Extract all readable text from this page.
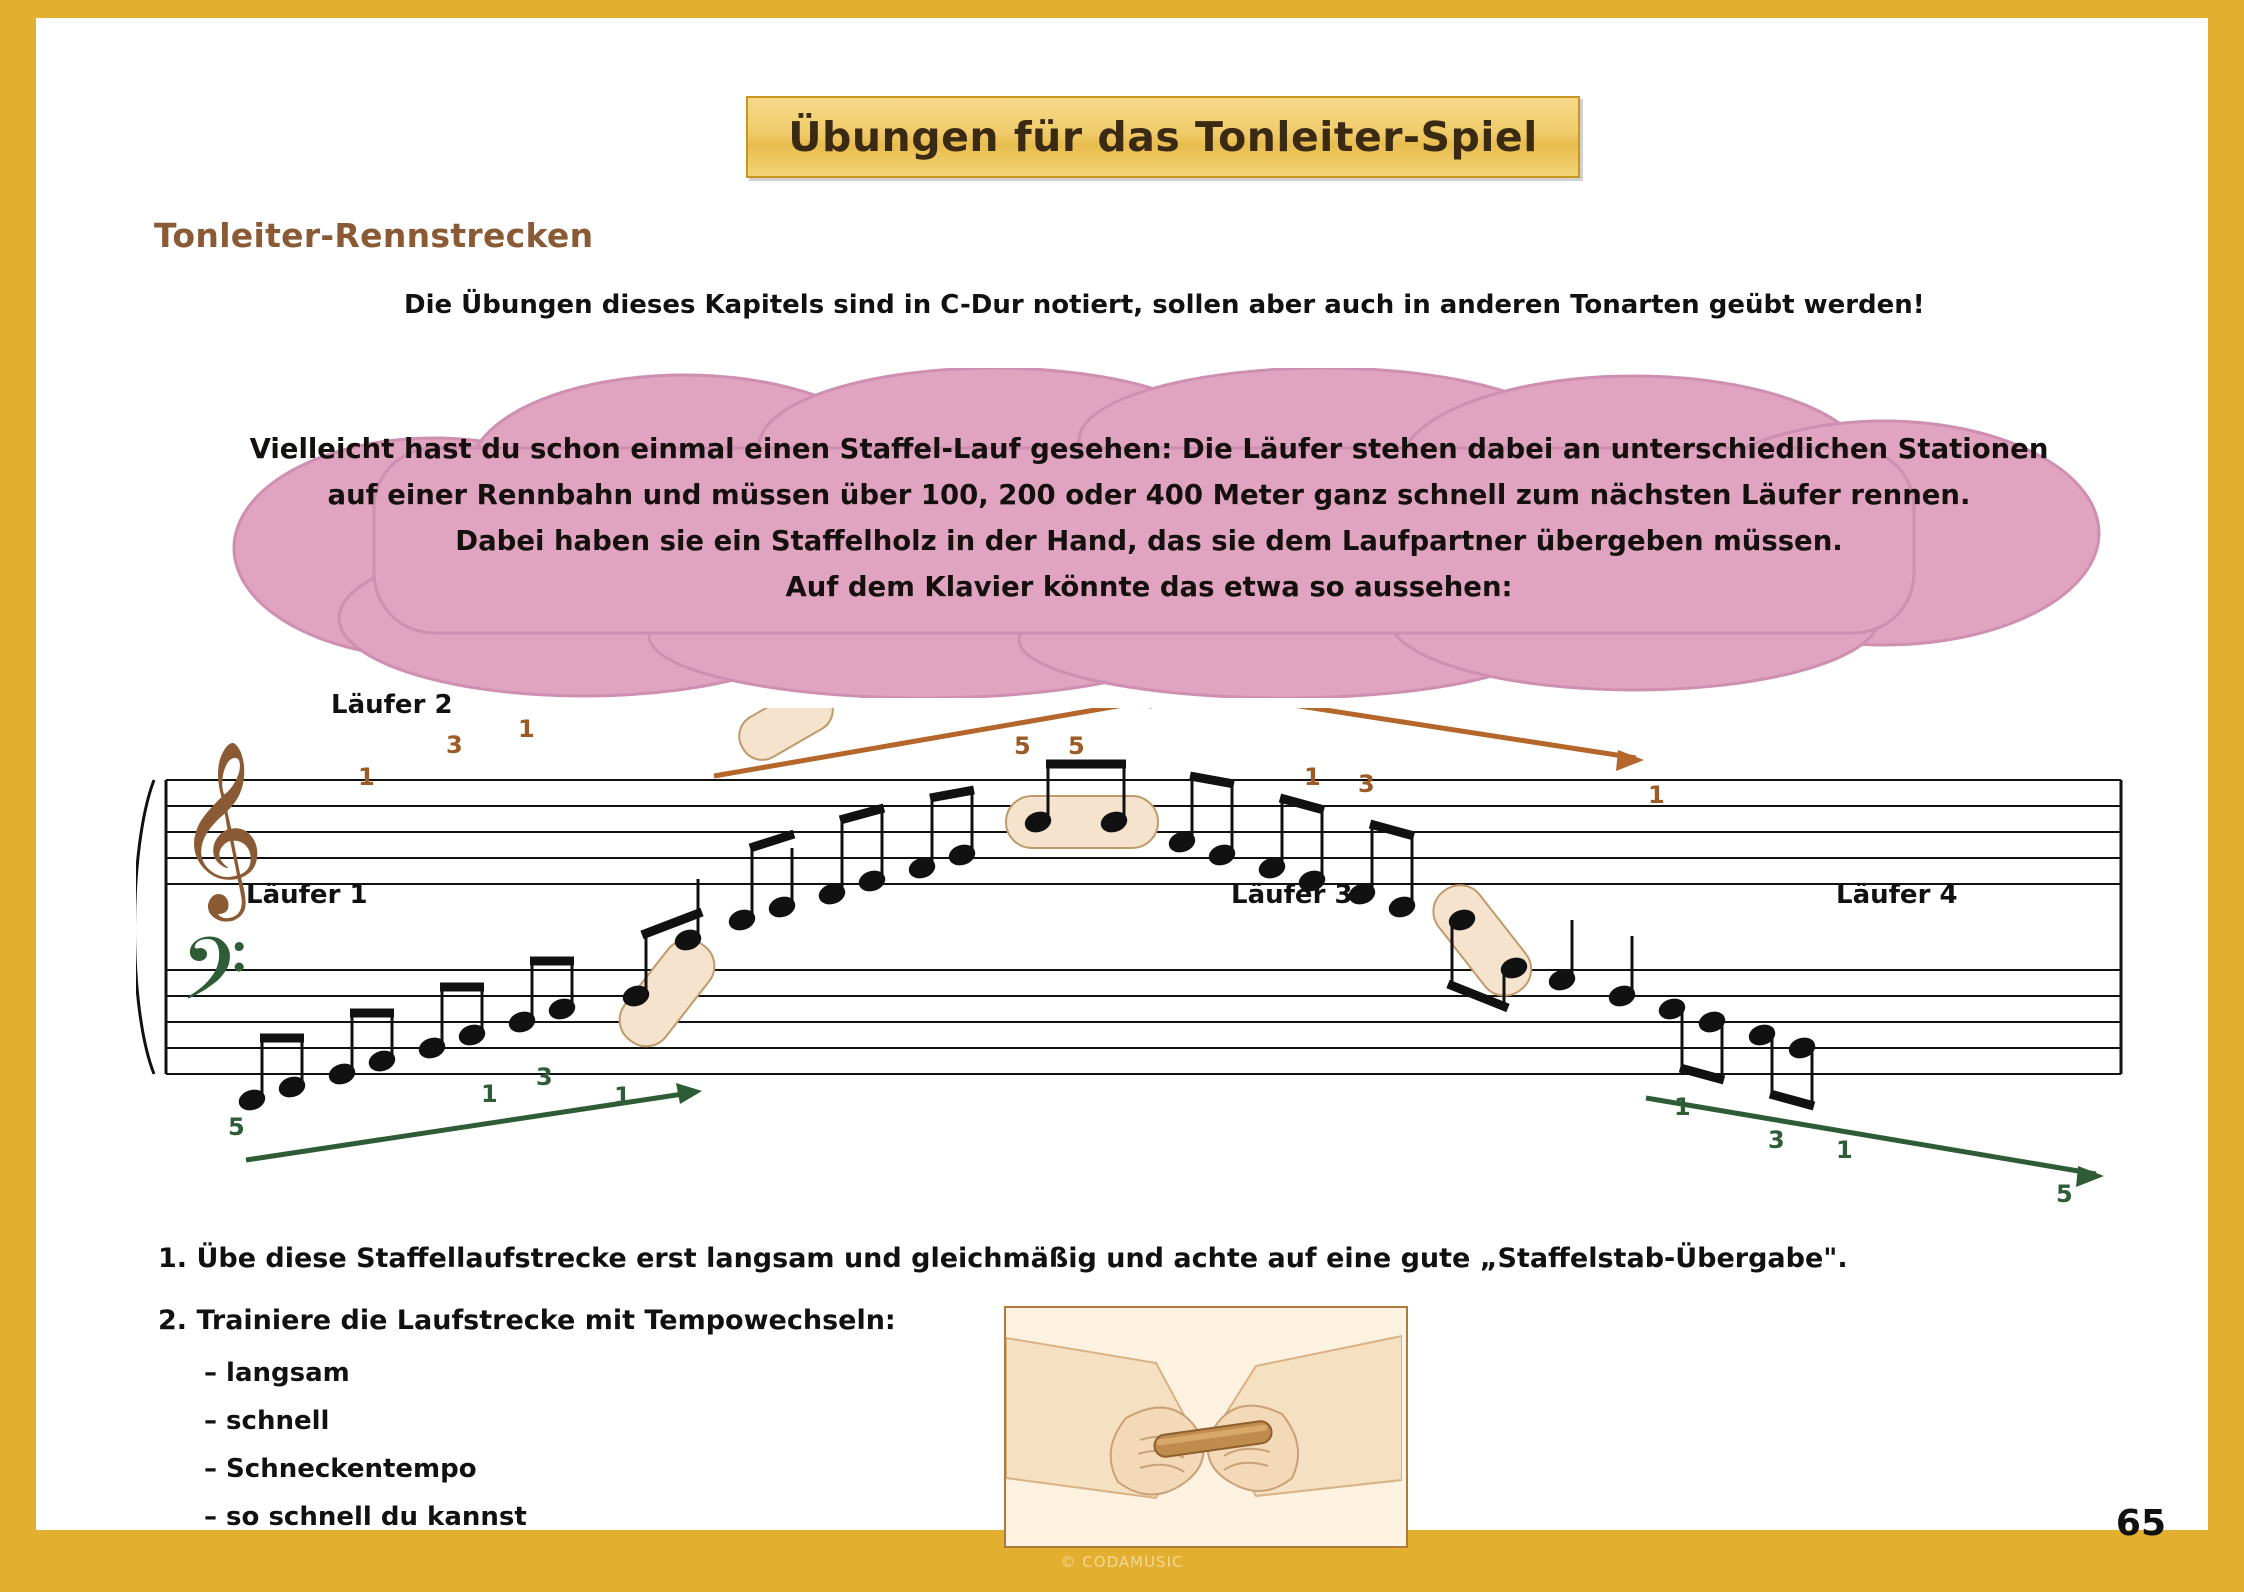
Übungen für das Tonleiter-Spiel
Tonleiter-Rennstrecken
Die Übungen dieses Kapitels sind in C-Dur notiert, sollen aber auch in anderen Tonarten geübt werden!
Vielleicht hast du schon einmal einen Staffel-Lauf gesehen: Die Läufer stehen dabei an unterschiedlichen Stationen
auf einer Rennbahn und müssen über 100, 200 oder 400 Meter ganz schnell zum nächsten Läufer rennen.
Dabei haben sie ein Staffelholz in der Hand, das sie dem Laufpartner übergeben müssen.
Auf dem Klavier könnte das etwa so aussehen:
𝄞
𝄢
Läufer 2
Läufer 1	Läufer 3	Läufer 4
5
1
3
1
1
3
1
5 5
1 3	1
1
3 1
5
1. Übe diese Staffellaufstrecke erst langsam und gleichmäßig und achte auf eine gute „Staffelstab-Übergabe".
2. Trainiere die Laufstrecke mit Tempowechseln:
– langsam
– schnell
– Schneckentempo
– so schnell du kannst	65
© CODAMUSIC
